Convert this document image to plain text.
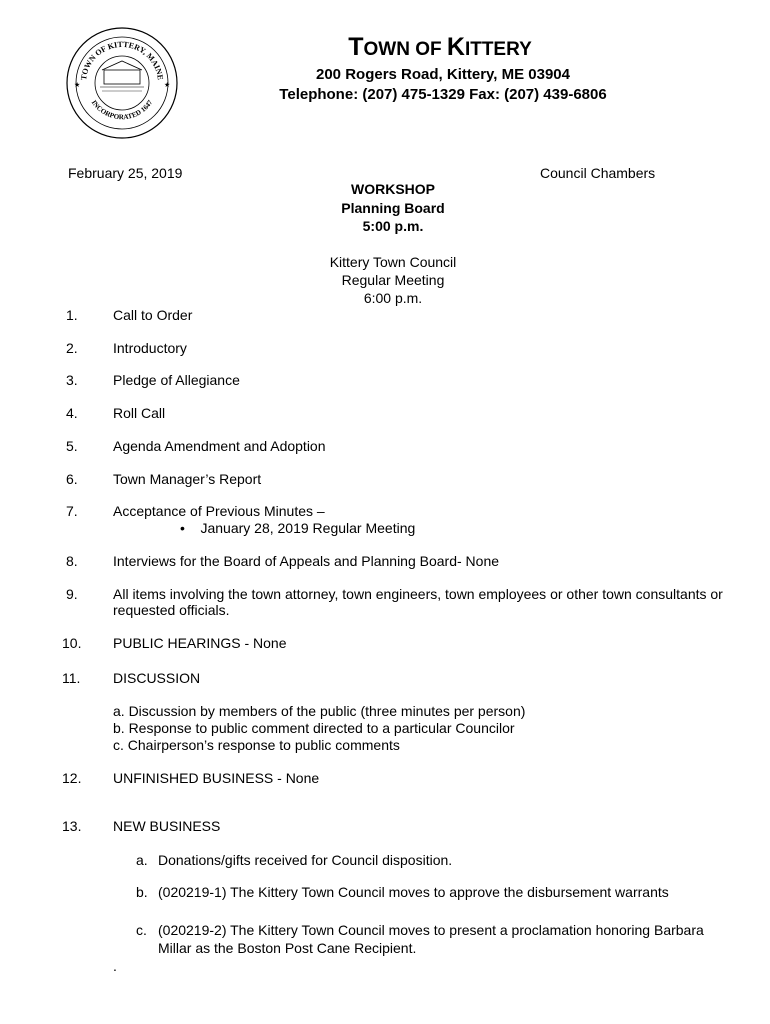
TOWN OF KITTERY, MAINE
INCORPORATED 1647
★	★
TOWN OF KITTERY
200 Rogers Road, Kittery, ME 03904
Telephone: (207) 475-1329 Fax: (207) 439-6806
February 25, 2019	Council Chambers
WORKSHOP
Planning Board
5:00 p.m.
Kittery Town Council
Regular Meeting
6:00 p.m.
1.	Call to Order
2.	Introductory
3.	Pledge of Allegiance
4.	Roll Call
5.	Agenda Amendment and Adoption
6.	Town Manager’s Report
7.	Acceptance of Previous Minutes –
• January 28, 2019 Regular Meeting
8.	Interviews for the Board of Appeals and Planning Board- None
9.	All items involving the town attorney, town engineers, town employees or other town consultants or requested officials.
10. PUBLIC HEARINGS - None
11. DISCUSSION
a. Discussion by members of the public (three minutes per person)
b. Response to public comment directed to a particular Councilor
c. Chairperson’s response to public comments
12. UNFINISHED BUSINESS - None
13. NEW BUSINESS
a. Donations/gifts received for Council disposition.
b. (020219-1) The Kittery Town Council moves to approve the disbursement warrants
c. (020219-2) The Kittery Town Council moves to present a proclamation honoring Barbara Millar as the Boston Post Cane Recipient.
.
